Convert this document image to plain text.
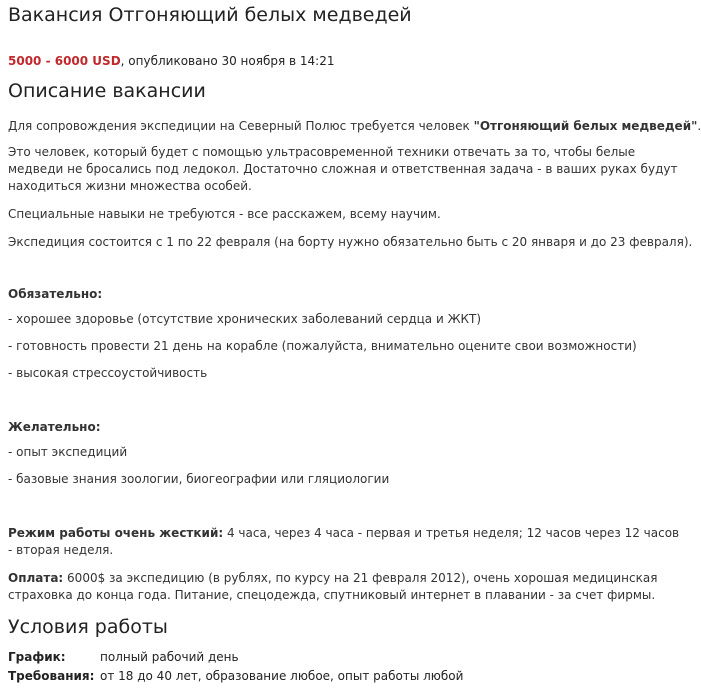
Вакансия Отгоняющий белых медведей
5000 - 6000 USD, опубликовано 30 ноября в 14:21
Описание вакансии

Для сопровождения экспедиции на Северный Полюс требуется человек "Отгоняющий белых медведей".

Это человек, который будет с помощью ультрасовременной техники отвечать за то, чтобы белые медведи не бросались под ледокол. Достаточно сложная и ответственная задача - в ваших руках будут находиться жизни множества особей.

Специальные навыки не требуются - все расскажем, всему научим.

Экспедиция состоится с 1 по 22 февраля (на борту нужно обязательно быть с 20 января и до 23 февраля).

Обязательно:

- хорошее здоровье (отсутствие хронических заболеваний сердца и ЖКТ)

- готовность провести 21 день на корабле (пожалуйста, внимательно оцените свои возможности)

- высокая стрессоустойчивость

Желательно:

- опыт экспедиций

- базовые знания зоологии, биогеографии или гляциологии

Режим работы очень жесткий: 4 часа, через 4 часа - первая и третья неделя; 12 часов через 12 часов - вторая неделя.

Оплата: 6000$ за экспедицию (в рублях, по курсу на 21 февраля 2012), очень хорошая медицинская страховка до конца года. Питание, спецодежда, спутниковый интернет в плавании - за счет фирмы.

Условия работы
График:	полный рабочий день
Требования: от 18 до 40 лет, образование любое, опыт работы любой
